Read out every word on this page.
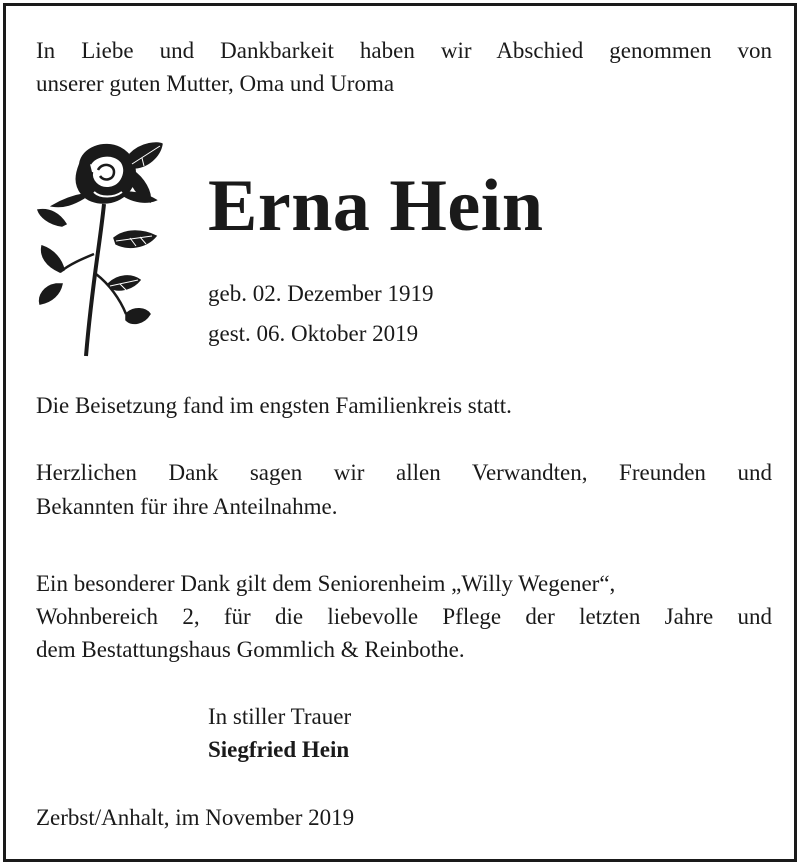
In Liebe und Dankbarkeit haben wir Abschied genommen von

unserer guten Mutter, Oma und Uroma

Erna Hein

geb. 02. Dezember 1919

gest. 06. Oktober 2019

Die Beisetzung fand im engsten Familienkreis statt.

Herzlichen Dank sagen wir allen Verwandten, Freunden und

Bekannten für ihre Anteilnahme.

Ein besonderer Dank gilt dem Seniorenheim „Willy Wegener“,

Wohnbereich 2, für die liebevolle Pflege der letzten Jahre und

dem Bestattungshaus Gommlich & Reinbothe.

In stiller Trauer

Siegfried Hein

Zerbst/Anhalt, im November 2019
